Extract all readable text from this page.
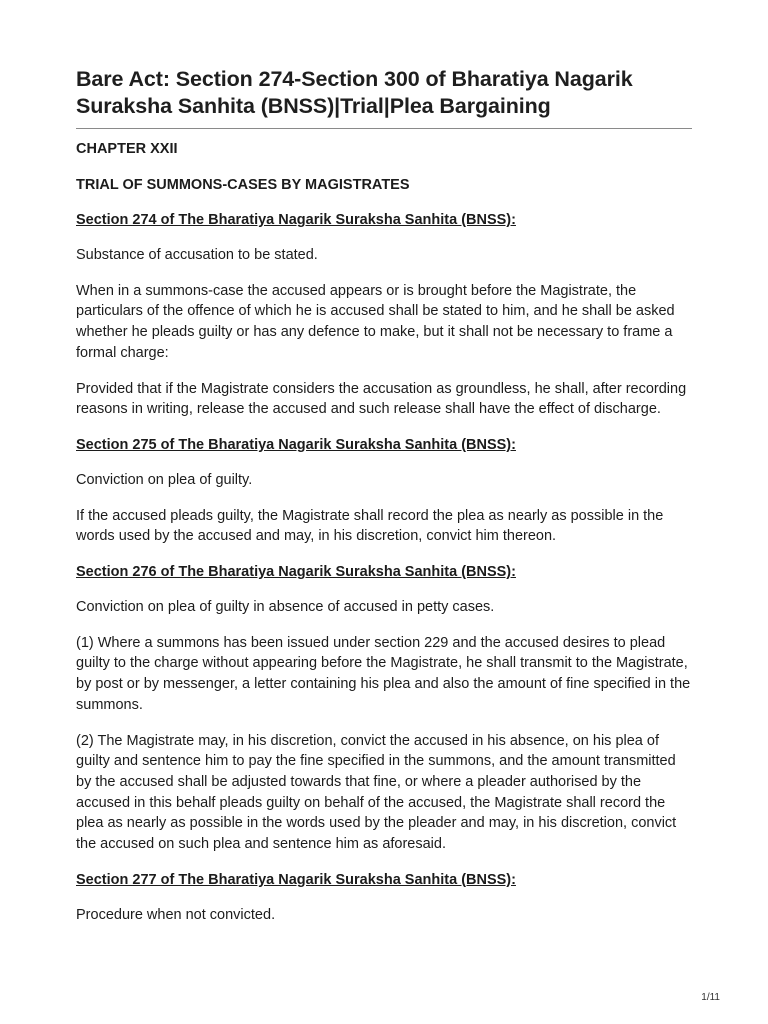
Bare Act: Section 274-Section 300 of Bharatiya Nagarik Suraksha Sanhita (BNSS)|Trial|Plea Bargaining
CHAPTER XXII
TRIAL OF SUMMONS-CASES BY MAGISTRATES
Section 274 of The Bharatiya Nagarik Suraksha Sanhita (BNSS):

Substance of accusation to be stated.

When in a summons-case the accused appears or is brought before the Magistrate, the particulars of the offence of which he is accused shall be stated to him, and he shall be asked whether he pleads guilty or has any defence to make, but it shall not be necessary to frame a formal charge:

Provided that if the Magistrate considers the accusation as groundless, he shall, after recording reasons in writing, release the accused and such release shall have the effect of discharge.

Section 275 of The Bharatiya Nagarik Suraksha Sanhita (BNSS):

Conviction on plea of guilty.

If the accused pleads guilty, the Magistrate shall record the plea as nearly as possible in the words used by the accused and may, in his discretion, convict him thereon.

Section 276 of The Bharatiya Nagarik Suraksha Sanhita (BNSS):

Conviction on plea of guilty in absence of accused in petty cases.

(1) Where a summons has been issued under section 229 and the accused desires to plead guilty to the charge without appearing before the Magistrate, he shall transmit to the Magistrate, by post or by messenger, a letter containing his plea and also the amount of fine specified in the summons.

(2) The Magistrate may, in his discretion, convict the accused in his absence, on his plea of guilty and sentence him to pay the fine specified in the summons, and the amount transmitted by the accused shall be adjusted towards that fine, or where a pleader authorised by the accused in this behalf pleads guilty on behalf of the accused, the Magistrate shall record the plea as nearly as possible in the words used by the pleader and may, in his discretion, convict the accused on such plea and sentence him as aforesaid.

Section 277 of The Bharatiya Nagarik Suraksha Sanhita (BNSS):

Procedure when not convicted.

1/11
